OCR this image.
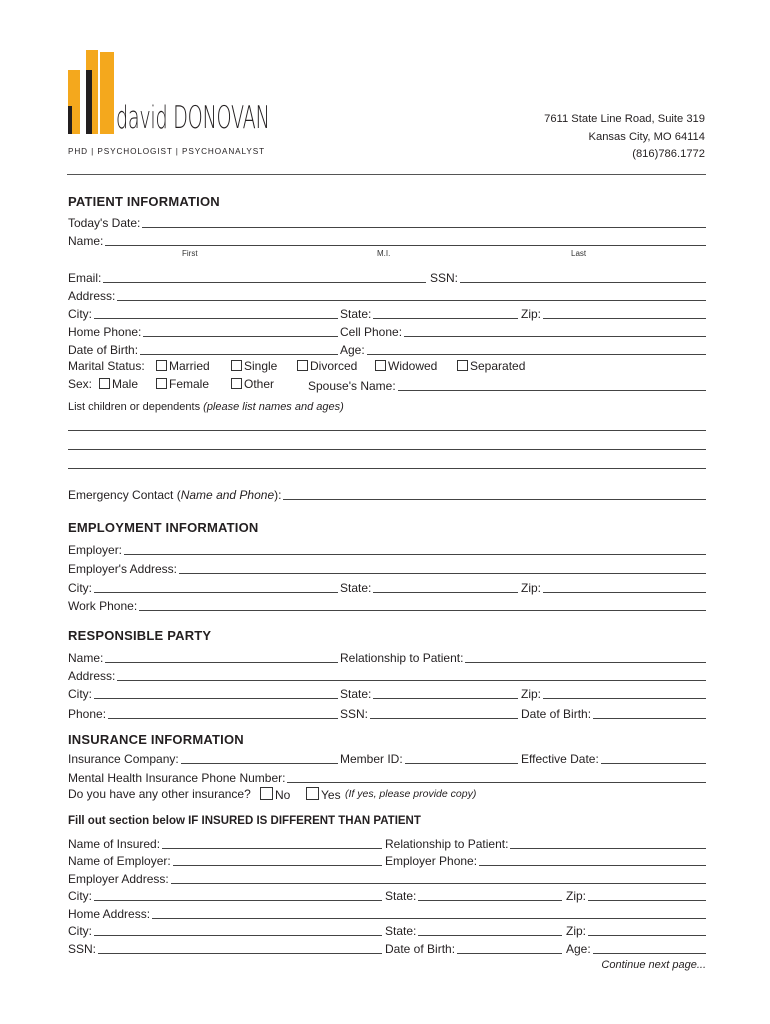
david DONOVAN
PHD | PSYCHOLOGIST | PSYCHOANALYST
7611 State Line Road, Suite 319
Kansas City, MO 64114
(816)786.1772
PATIENT INFORMATION
Today's Date:
Name:
First	M.I.	Last
Email:	SSN:
Address:
City:	State:	Zip:
Home Phone:	Cell Phone:
Date of Birth:	Age:
Marital Status:	Married	Single	Divorced	Widowed	Separated
Sex:	Male	Female	Other	Spouse's Name:
List children or dependents (please list names and ages)
Emergency Contact (Name and Phone):
EMPLOYMENT INFORMATION
Employer:
Employer's Address:
City:	State:	Zip:
Work Phone:
RESPONSIBLE PARTY
Name:	Relationship to Patient:
Address:
City:	State:	Zip:
Phone:	SSN:	Date of Birth:
INSURANCE INFORMATION
Insurance Company:	Member ID:	Effective Date:
Mental Health Insurance Phone Number:
Do you have any other insurance?	No	Yes (If yes, please provide copy)
Fill out section below IF INSURED IS DIFFERENT THAN PATIENT
Name of Insured:	Relationship to Patient:
Name of Employer:	Employer Phone:
Employer Address:
City:	State:	Zip:
Home Address:
City:	State:	Zip:
SSN:	Date of Birth:	Age:
Continue next page...
